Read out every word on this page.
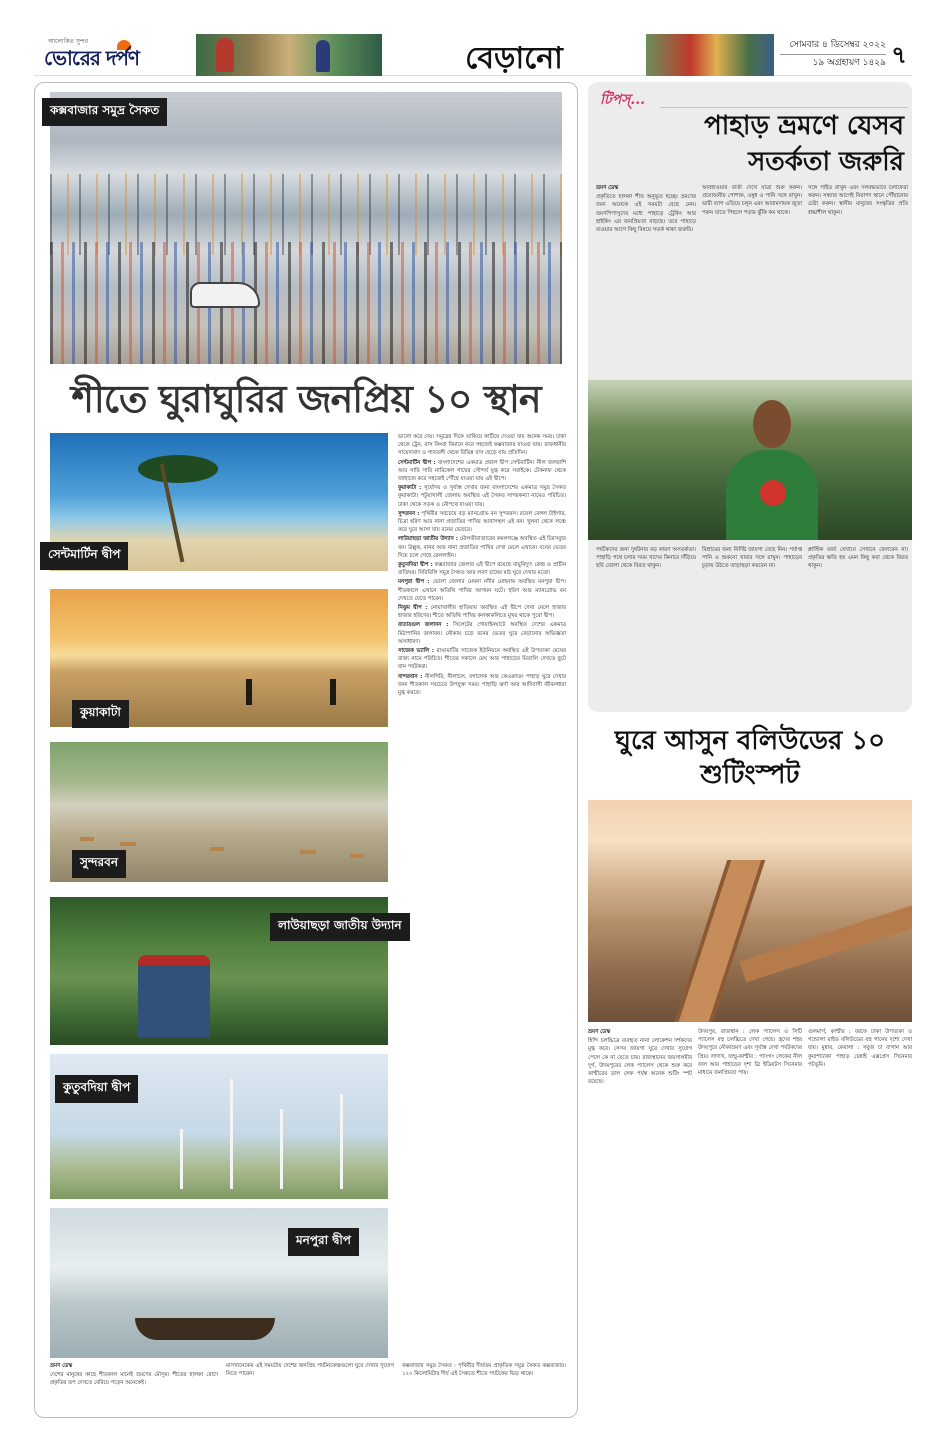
আলোকিত সুন্দর
ভোরের দর্পণ	বেড়ানো	সোমবার ৪ ডিসেম্বর ২০২২
১৯ অগ্রহায়ণ ১৪২৯ ৭
কক্সবাজার সমুদ্র সৈকত
শীতে ঘুরাঘুরির জনপ্রিয় ১০ স্থান
সেন্টমার্টিন দ্বীপ
কুয়াকাটা
সুন্দরবন
লাউয়াছড়া জাতীয় উদ্যান
কুতুবদিয়া দ্বীপ
মনপুরা দ্বীপ

ভালো করে দেয়। সমুদ্রের দিকে তাকিয়ে কাটিয়ে দেওয়া যায় অনেক সময়। ঢাকা থেকে ট্রেন, বাস কিংবা বিমানে করে সহজেই কক্সবাজার যাওয়া যায়। রাজধানীর সায়েদাবাদ ও গাবতলী থেকে বিভিন্ন বাস ছেড়ে যায় প্রতিদিন।

সেন্টমার্টিন দ্বীপ : বাংলাদেশের একমাত্র প্রবাল দ্বীপ সেন্টমার্টিন। নীল জলরাশি আর সারি সারি নারিকেল গাছের সৌন্দর্য মুগ্ধ করে সবাইকে। টেকনাফ থেকে জাহাজে করে সহজেই পৌঁছে যাওয়া যায় এই দ্বীপে।

কুয়াকাটা : সূর্যোদয় ও সূর্যাস্ত দেখার জন্য বাংলাদেশের একমাত্র সমুদ্র সৈকত কুয়াকাটা। পটুয়াখালী জেলায় অবস্থিত এই সৈকত সাগরকন্যা নামেও পরিচিত। ঢাকা থেকে সড়ক ও নৌপথে যাওয়া যায়।

সুন্দরবন : পৃথিবীর সবচেয়ে বড় ম্যানগ্রোভ বন সুন্দরবন। রয়েল বেঙ্গল টাইগার, চিত্রা হরিণ আর নানা প্রজাতির পাখির আবাসস্থল এই বন। খুলনা থেকে লঞ্চে করে ঘুরে আসা যায় বনের ভেতরে।

লাউয়াছড়া জাতীয় উদ্যান : মৌলভীবাজারের কমলগঞ্জে অবস্থিত এই চিরসবুজ বন। উল্লুক, বানর আর নানা প্রজাতির পাখির দেখা মেলে এখানে। বনের ভেতর দিয়ে চলে গেছে রেললাইন।

কুতুবদিয়া দ্বীপ : কক্সবাজার জেলার এই দ্বীপে রয়েছে বায়ুবিদ্যুৎ কেন্দ্র ও প্রাচীন বাতিঘর। নিরিবিলি সমুদ্র সৈকত আর লবণ চাষের মাঠ ঘুরে দেখার মতো।

মনপুরা দ্বীপ : ভোলা জেলার মেঘনা নদীর মোহনায় অবস্থিত মনপুরা দ্বীপ। শীতকালে এখানে অতিথি পাখির আগমন ঘটে। হরিণ আর ম্যানগ্রোভ বন দেখতে যেতে পারেন।

নিঝুম দ্বীপ : নোয়াখালীর হাতিয়ায় অবস্থিত এই দ্বীপে দেখা মেলে হাজার হাজার হরিণের। শীতে অতিথি পাখির কলকাকলিতে মুখর থাকে পুরো দ্বীপ।

রাতারগুল জলাবন : সিলেটের গোয়াইনঘাটে অবস্থিত দেশের একমাত্র মিঠাপানির জলাবন। নৌকায় চড়ে বনের ভেতর ঘুরে বেড়ানোর অভিজ্ঞতা অসাধারণ।

সাজেক ভ্যালি : রাঙামাটির সাজেক ইউনিয়নে অবস্থিত এই উপত্যকা মেঘের রাজ্য নামে পরিচিত। শীতের সকালে মেঘ আর পাহাড়ের মিতালি দেখতে ছুটে যান পর্যটকরা।

বান্দরবান : নীলগিরি, নীলাচল, বগালেক আর কেওক্রাডং পাহাড় ঘুরে দেখার জন্য শীতকাল সবচেয়ে উপযুক্ত সময়। পাহাড়ি ঝর্ণা আর আদিবাসী জীবনধারা মুগ্ধ করবে।

ভ্রমণ ডেস্ক

দেশের মানুষের কাছে শীতকাল মানেই ভ্রমণের মৌসুম। শীতের হালকা রোদে প্রকৃতির রূপ দেখতে বেরিয়ে পড়েন অনেকেই।

মাসখানেকের এই সময়টায় দেশের জনপ্রিয় পর্যটনকেন্দ্রগুলো ঘুরে দেখার সুযোগ নিতে পারেন।

কক্সবাজার সমুদ্র সৈকত : পৃথিবীর দীর্ঘতম প্রাকৃতিক সমুদ্র সৈকত কক্সবাজার। ১২০ কিলোমিটার দীর্ঘ এই সৈকতে শীতে পর্যটকের ভিড় থাকে।

টিপস্‌...
পাহাড় ভ্রমণে যেসব সতর্কতা জরুরি

ভ্রমণ ডেস্ক

প্রকৃতিতে হালকা শীত অনুভূত হচ্ছে। ভ্রমণের জন্য অনেকে এই সময়টা বেছে নেন। ভ্রমণপিপাসুদের মধ্যে পাহাড়ে ট্রেকিং আর হাইকিং এর জনপ্রিয়তা বাড়ছে। তবে পাহাড়ে যাওয়ার আগে কিছু বিষয়ে সতর্ক থাকা জরুরি।

আবহাওয়ার বার্তা দেখে যাত্রা শুরু করুন। প্রয়োজনীয় পোশাক, ওষুধ ও পানি সঙ্গে রাখুন। ভারী ব্যাগ এড়িয়ে চলুন এবং আরামদায়ক জুতা পরুন যাতে পিছলে পড়ার ঝুঁকি কম থাকে।

সঙ্গে গাইড রাখুন এবং দলবদ্ধভাবে চলাফেরা করুন। সন্ধ্যার আগেই নিরাপদ স্থানে পৌঁছানোর চেষ্টা করুন। স্থানীয় মানুষের সংস্কৃতির প্রতি শ্রদ্ধাশীল থাকুন।

পর্যটকদের জন্য দুর্ঘটনার বড় কারণ অসতর্কতা। পাহাড়ি পথে চলার সময় খাদের কিনারে দাঁড়িয়ে ছবি তোলা থেকে বিরত থাকুন।

বিশ্রামের জন্য নির্দিষ্ট জায়গা বেছে নিন। পর্যাপ্ত পানি ও শুকনো খাবার সঙ্গে রাখুন। পাহাড়ের চূড়ায় উঠতে তাড়াহুড়া করবেন না।

প্লাস্টিক বর্জ্য যেখানে সেখানে ফেলবেন না। প্রকৃতির ক্ষতি হয় এমন কিছু করা থেকে বিরত থাকুন।

ঘুরে আসুন বলিউডের ১০ শুটিংস্পট

ভ্রমণ ডেস্ক

হিন্দি চলচ্চিত্রে ব্যবহৃত নানা লোকেশন দর্শকদের মুগ্ধ করে। সেসব জায়গা ঘুরে দেখার সুযোগ পেলে কে না যেতে চায়। রাজস্থানের জয়সালমীর দুর্গ, উদয়পুরের লেক প্যালেস থেকে শুরু করে কাশ্মীরের ডাল লেক পর্যন্ত অনেক শুটিং স্পট রয়েছে।

উদয়পুর, রাজস্থান : লেক প্যালেস ও সিটি প্যালেস বহু চলচ্চিত্রে দেখা গেছে। হ্রদের শহর উদয়পুরে নৌকাভ্রমণ এবং সূর্যাস্ত দেখা পর্যটকদের প্রিয়। লাদাখ, জম্মু-কাশ্মীর : প্যাংগং লেকের নীল জল আর পাহাড়ের দৃশ্য থ্রি ইডিয়টস সিনেমার মাধ্যমে জনপ্রিয়তা পায়।

গুলমার্গ, কাশ্মীর : বরফে ঢাকা উপত্যকা ও গন্ডোলা রাইড বলিউডের বহু গানের দৃশ্যে দেখা যায়। মুন্নার, কেরালা : সবুজ চা বাগান আর কুয়াশাঢাকা পাহাড় চেন্নাই এক্সপ্রেস সিনেমার পটভূমি।
